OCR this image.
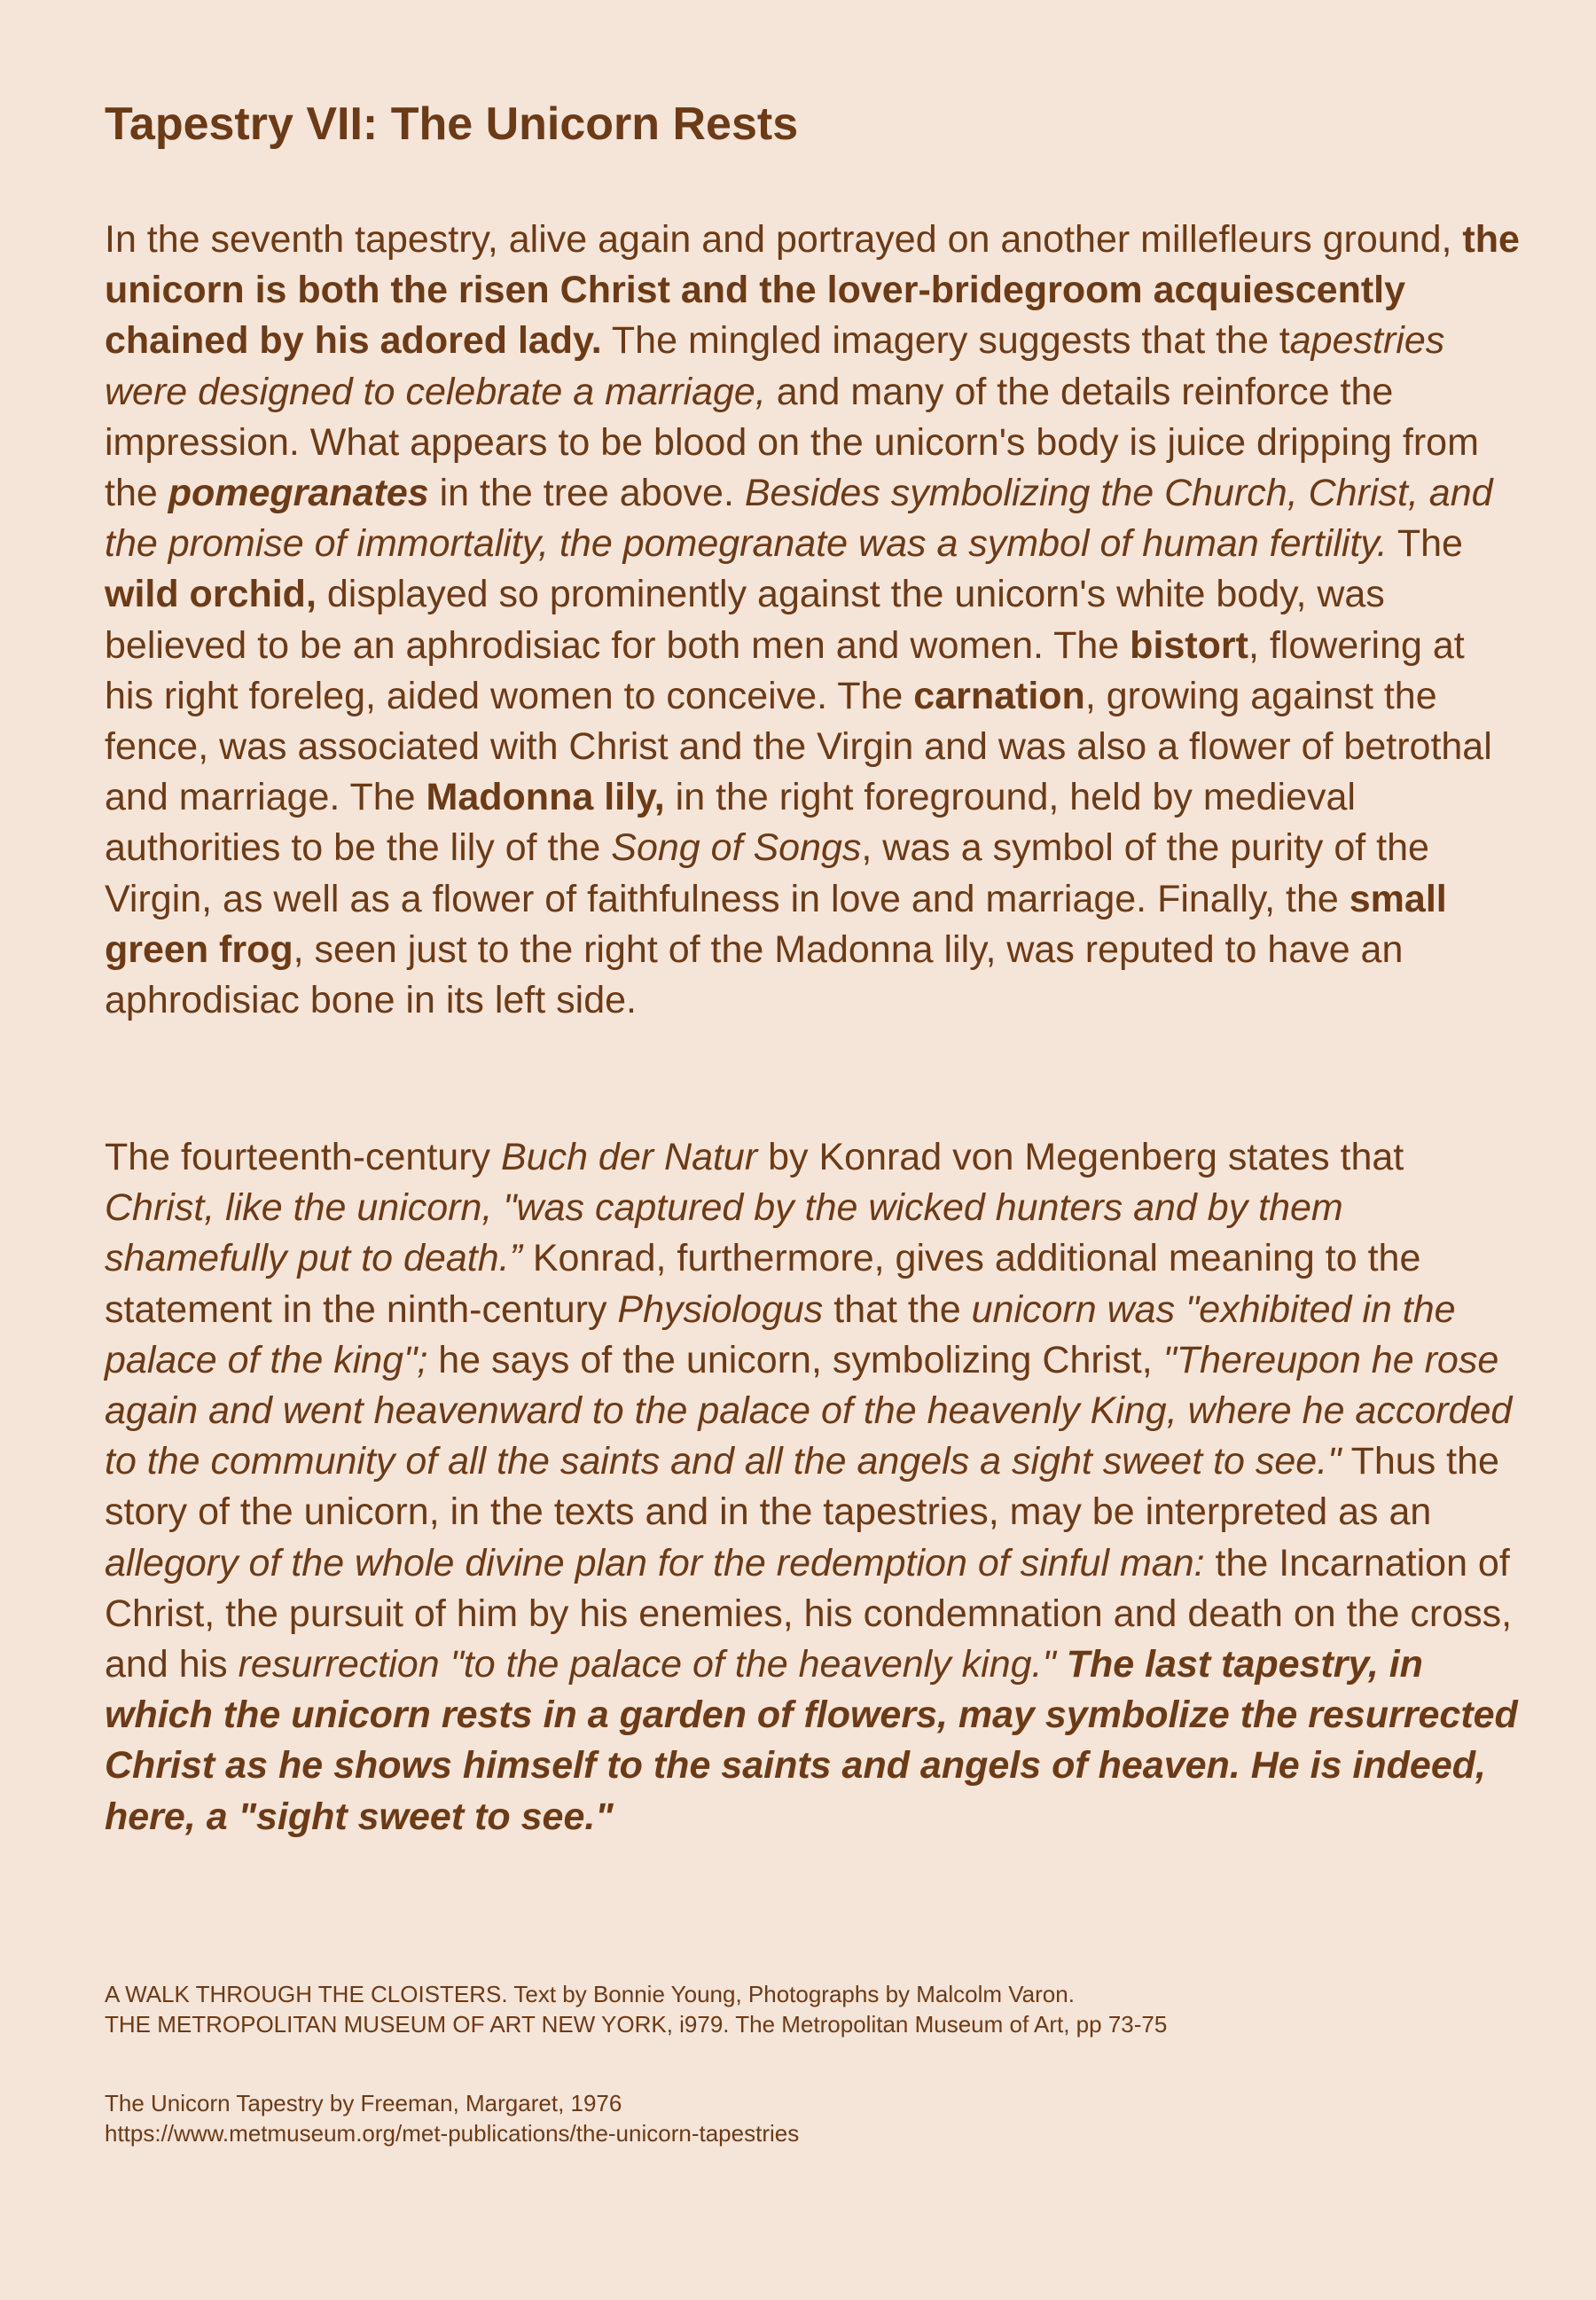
Tapestry VII: The Unicorn Rests

In the seventh tapestry, alive again and portrayed on another millefleurs ground, the unicorn is both the risen Christ and the lover-bridegroom acquiescently chained by his adored lady. The mingled imagery suggests that the tapestries were designed to celebrate a marriage, and many of the details reinforce the impression. What appears to be blood on the unicorn's body is juice dripping from the pomegranates in the tree above. Besides symbolizing the Church, Christ, and the promise of immortality, the pomegranate was a symbol of human fertility. The wild orchid, displayed so prominently against the unicorn's white body, was believed to be an aphrodisiac for both men and women. The bistort, flowering at his right foreleg, aided women to conceive. The carnation, growing against the fence, was associated with Christ and the Virgin and was also a flower of betrothal and marriage. The Madonna lily, in the right foreground, held by medieval authorities to be the lily of the Song of Songs, was a symbol of the purity of the Virgin, as well as a flower of faithfulness in love and marriage. Finally, the small green frog, seen just to the right of the Madonna lily, was reputed to have an aphrodisiac bone in its left side.

The fourteenth-century Buch der Natur by Konrad von Megenberg states that Christ, like the unicorn, "was captured by the wicked hunters and by them shamefully put to death.” Konrad, furthermore, gives additional meaning to the statement in the ninth-century Physiologus that the unicorn was "exhibited in the palace of the king"; he says of the unicorn, symbolizing Christ, "Thereupon he rose again and went heavenward to the palace of the heavenly King, where he accorded to the community of all the saints and all the angels a sight sweet to see." Thus the story of the unicorn, in the texts and in the tapestries, may be interpreted as an allegory of the whole divine plan for the redemption of sinful man: the Incarnation of Christ, the pursuit of him by his enemies, his condemnation and death on the cross, and his resurrection "to the palace of the heavenly king." The last tapestry, in which the unicorn rests in a garden of flowers, may symbolize the resurrected Christ as he shows himself to the saints and angels of heaven. He is indeed, here, a "sight sweet to see."

A WALK THROUGH THE CLOISTERS. Text by Bonnie Young, Photographs by Malcolm Varon.
THE METROPOLITAN MUSEUM OF ART NEW YORK, i979. The Metropolitan Museum of Art, pp 73-75

The Unicorn Tapestry by Freeman, Margaret, 1976
https://www.metmuseum.org/met-publications/the-unicorn-tapestries
